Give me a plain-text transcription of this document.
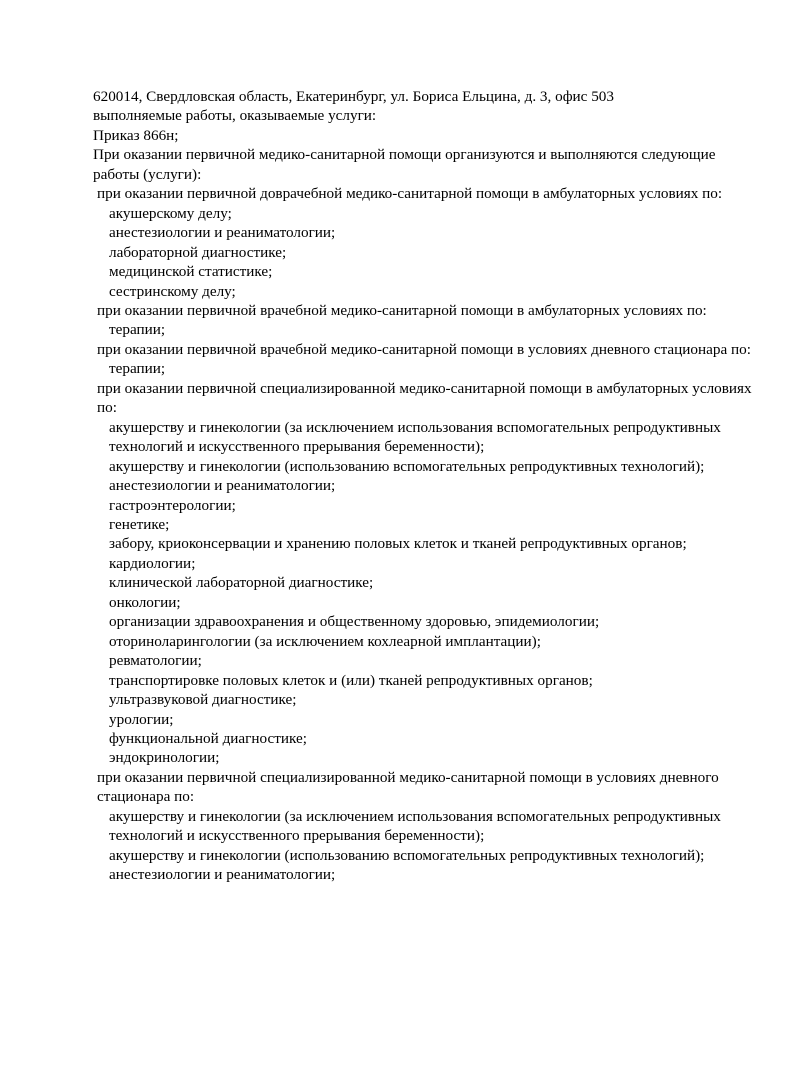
620014, Свердловская область, Екатеринбург, ул. Бориса Ельцина, д. 3, офис 503
выполняемые работы, оказываемые услуги:
Приказ 866н;
При оказании первичной медико-санитарной помощи организуются и выполняются следующие работы (услуги):
при оказании первичной доврачебной медико-санитарной помощи в амбулаторных условиях по:
акушерскому делу;
анестезиологии и реаниматологии;
лабораторной диагностике;
медицинской статистике;
сестринскому делу;
при оказании первичной врачебной медико-санитарной помощи в амбулаторных условиях по:
терапии;
при оказании первичной врачебной медико-санитарной помощи в условиях дневного стационара по:
терапии;
при оказании первичной специализированной медико-санитарной помощи в амбулаторных условиях по:
акушерству и гинекологии (за исключением использования вспомогательных репродуктивных технологий и искусственного прерывания беременности);
акушерству и гинекологии (использованию вспомогательных репродуктивных технологий);
анестезиологии и реаниматологии;
гастроэнтерологии;
генетике;
забору, криоконсервации и хранению половых клеток и тканей репродуктивных органов;
кардиологии;
клинической лабораторной диагностике;
онкологии;
организации здравоохранения и общественному здоровью, эпидемиологии;
оториноларингологии (за исключением кохлеарной имплантации);
ревматологии;
транспортировке половых клеток и (или) тканей репродуктивных органов;
ультразвуковой диагностике;
урологии;
функциональной диагностике;
эндокринологии;
при оказании первичной специализированной медико-санитарной помощи в условиях дневного стационара по:
акушерству и гинекологии (за исключением использования вспомогательных репродуктивных технологий и искусственного прерывания беременности);
акушерству и гинекологии (использованию вспомогательных репродуктивных технологий);
анестезиологии и реаниматологии;
